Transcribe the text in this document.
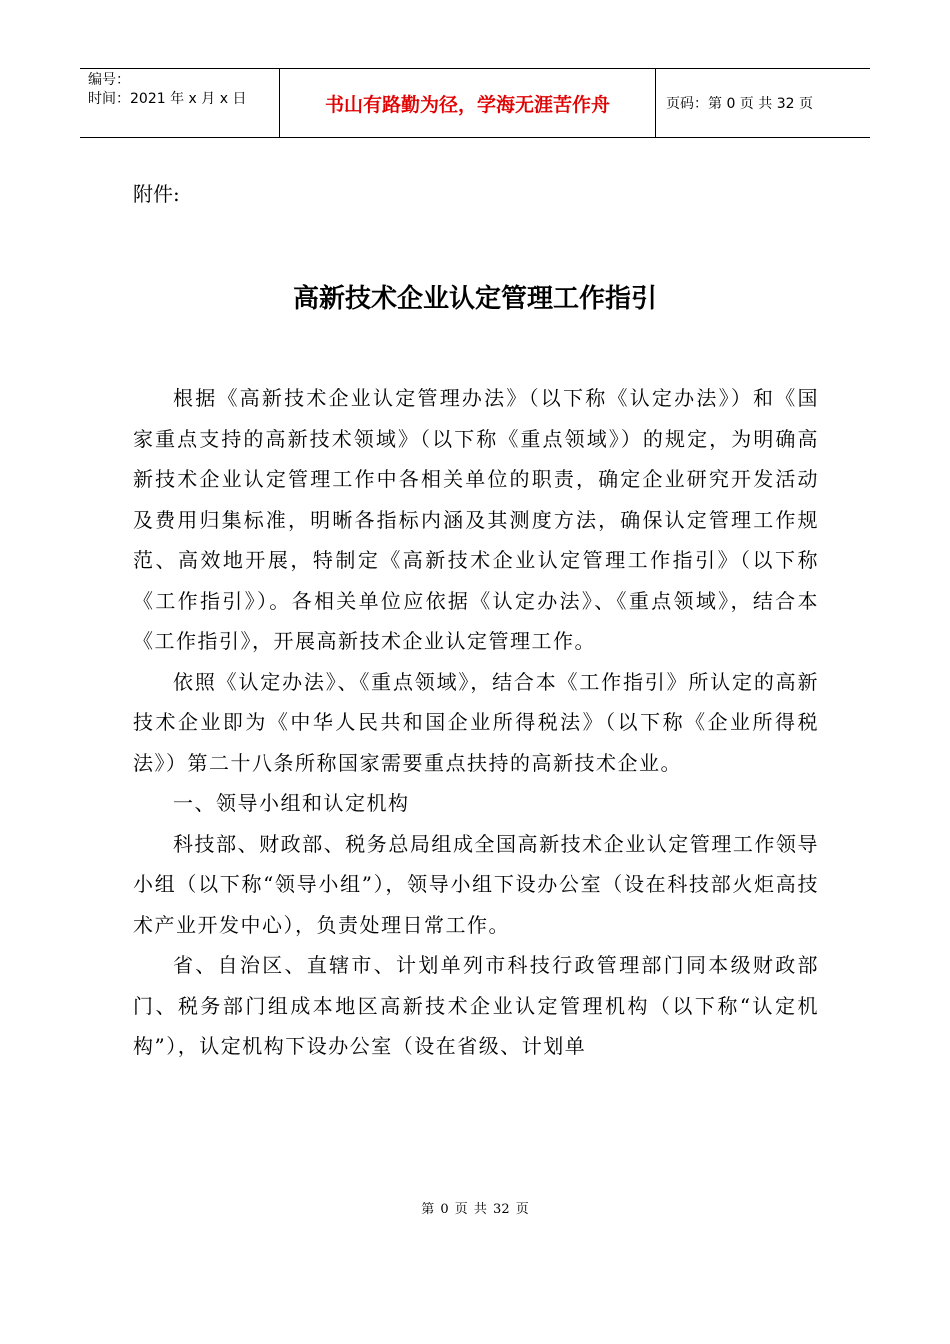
编号：
时间：2021 年 x 月 x 日	书山有路勤为径，学海无涯苦作舟	页码：第 0 页 共 32 页
附件:
高新技术企业认定管理工作指引

根据《高新技术企业认定管理办法》（以下称《认定办法》）和《国家重点支持的高新技术领域》（以下称《重点领域》）的规定，为明确高新技术企业认定管理工作中各相关单位的职责，确定企业研究开发活动及费用归集标准，明晰各指标内涵及其测度方法，确保认定管理工作规范、高效地开展，特制定《高新技术企业认定管理工作指引》（以下称《工作指引》）。各相关单位应依据《认定办法》、《重点领域》，结合本《工作指引》，开展高新技术企业认定管理工作。

依照《认定办法》、《重点领域》，结合本《工作指引》所认定的高新技术企业即为《中华人民共和国企业所得税法》（以下称《企业所得税法》）第二十八条所称国家需要重点扶持的高新技术企业。

一、领导小组和认定机构

科技部、财政部、税务总局组成全国高新技术企业认定管理工作领导小组（以下称“领导小组”），领导小组下设办公室（设在科技部火炬高技术产业开发中心），负责处理日常工作。

省、自治区、直辖市、计划单列市科技行政管理部门同本级财政部门、税务部门组成本地区高新技术企业认定管理机构（以下称“认定机构”），认定机构下设办公室（设在省级、计划单

第 0 页 共 32 页
